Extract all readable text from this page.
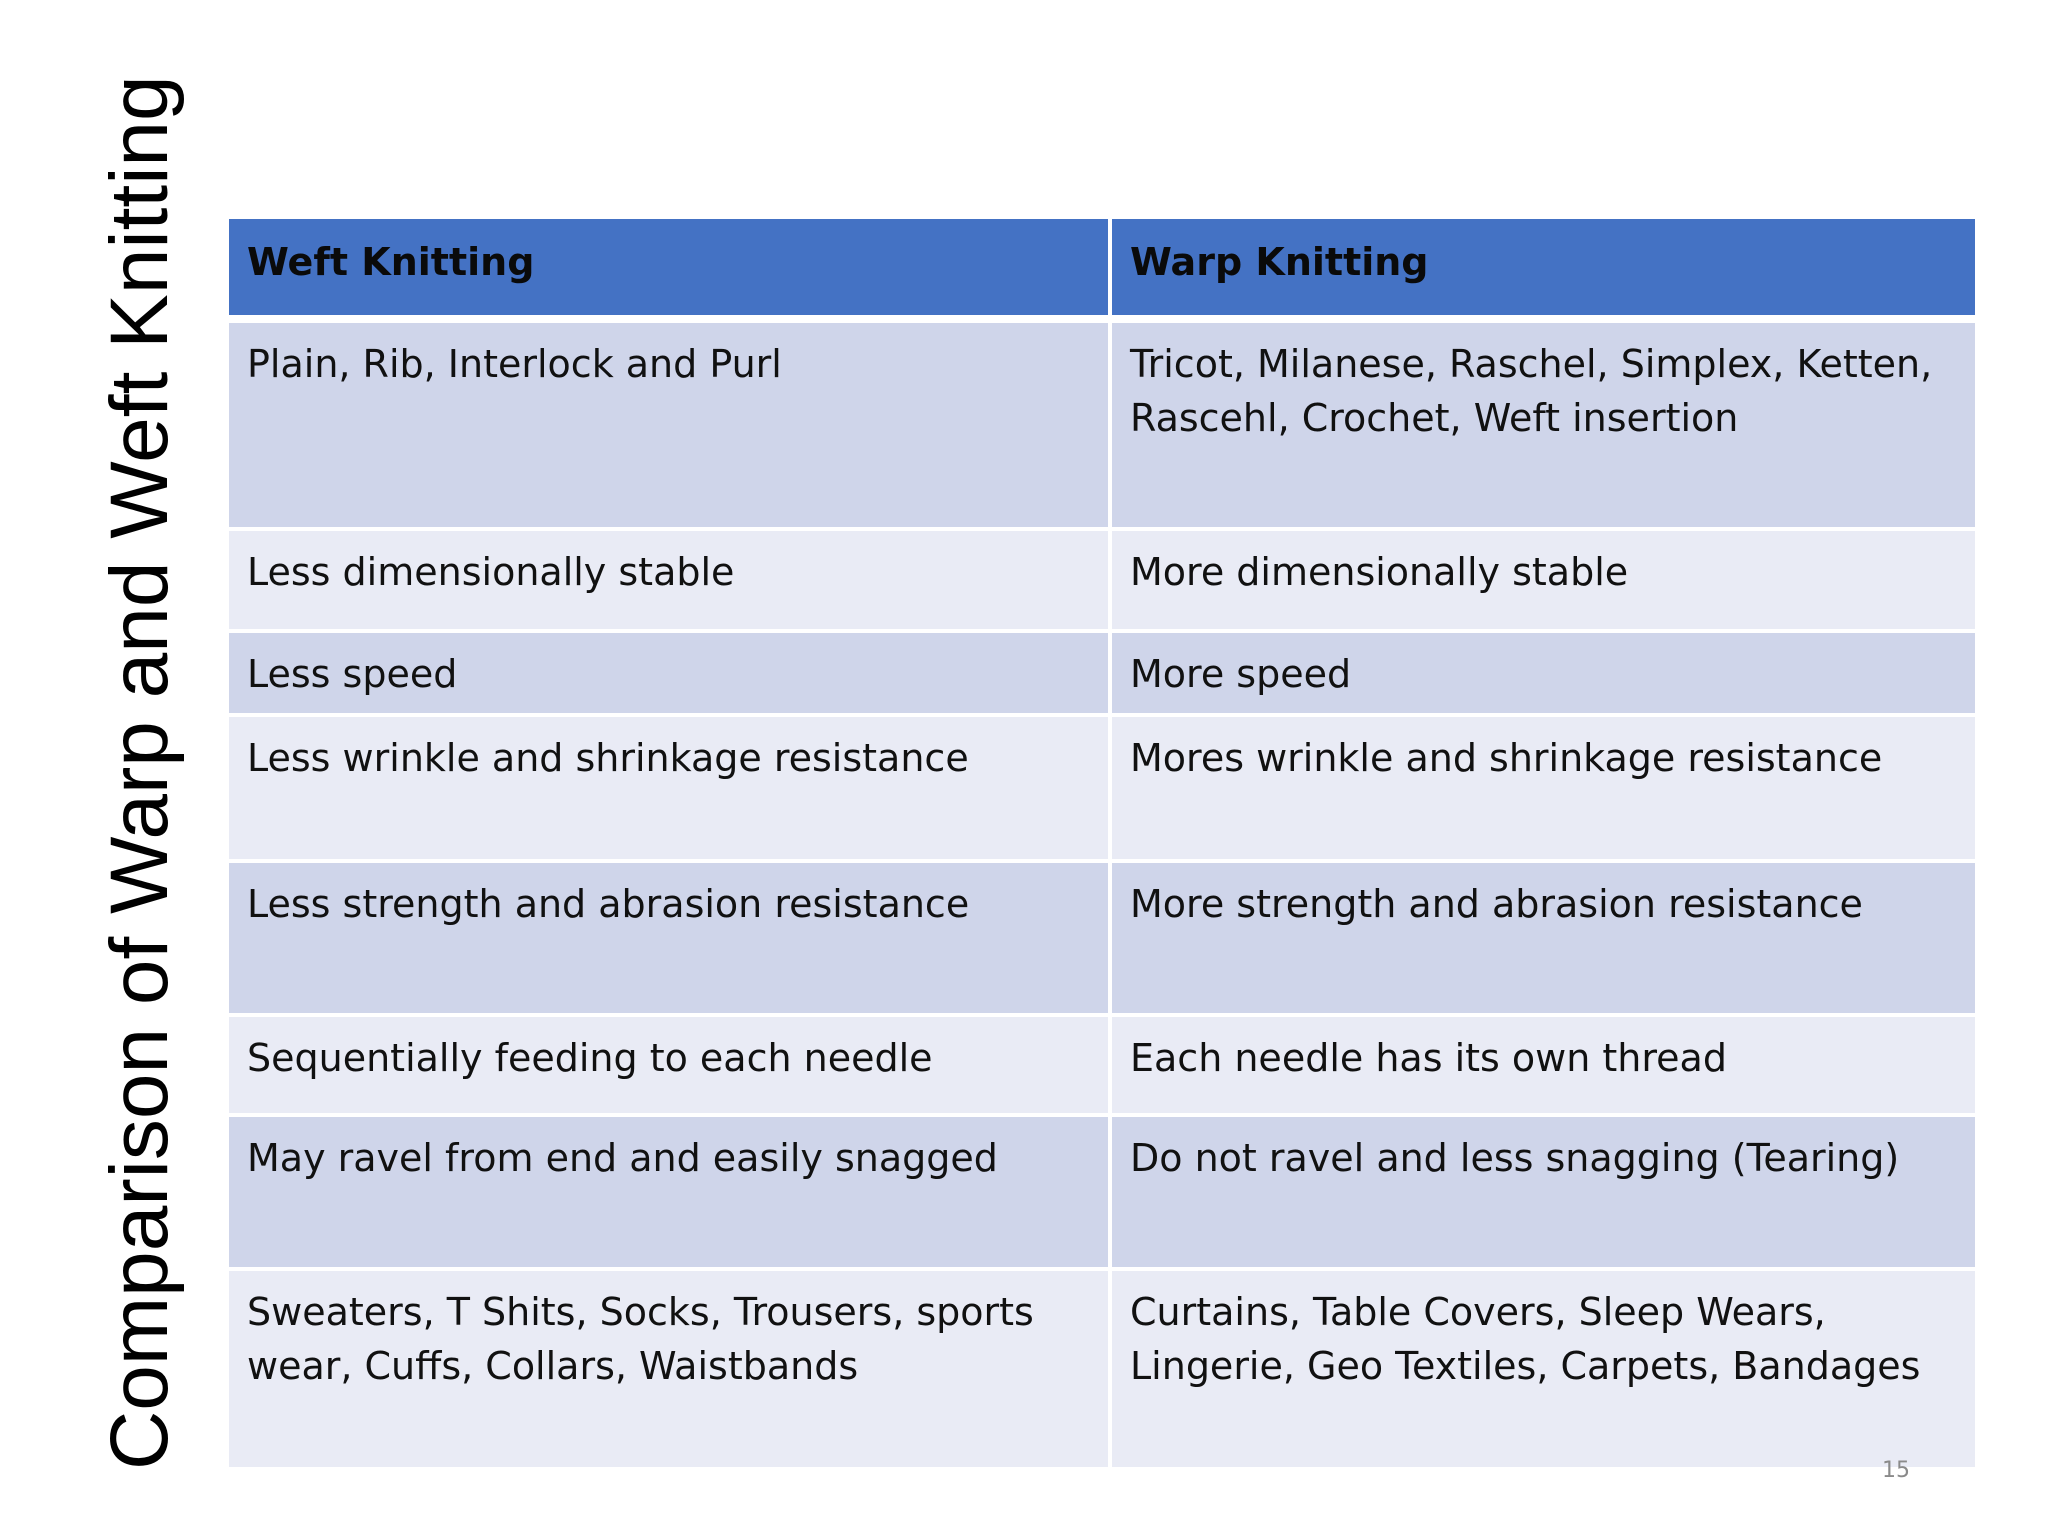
Comparison of Warp and Weft Knitting Weft Knitting	Warp Knitting
Plain, Rib, Interlock and Purl	Tricot, Milanese, Raschel, Simplex, Ketten, Rascehl, Crochet, Weft insertion
Less dimensionally stable	More dimensionally stable
Less speed	More speed
Less wrinkle and shrinkage resistance	Mores wrinkle and shrinkage resistance
Less strength and abrasion resistance	More strength and abrasion resistance
Sequentially feeding to each needle	Each needle has its own thread
May ravel from end and easily snagged	Do not ravel and less snagging (Tearing)
Sweaters, T Shits, Socks, Trousers, sports wear, Cuffs, Collars, Waistbands	Curtains, Table Covers, Sleep Wears, Lingerie, Geo Textiles, Carpets, Bandages
15
